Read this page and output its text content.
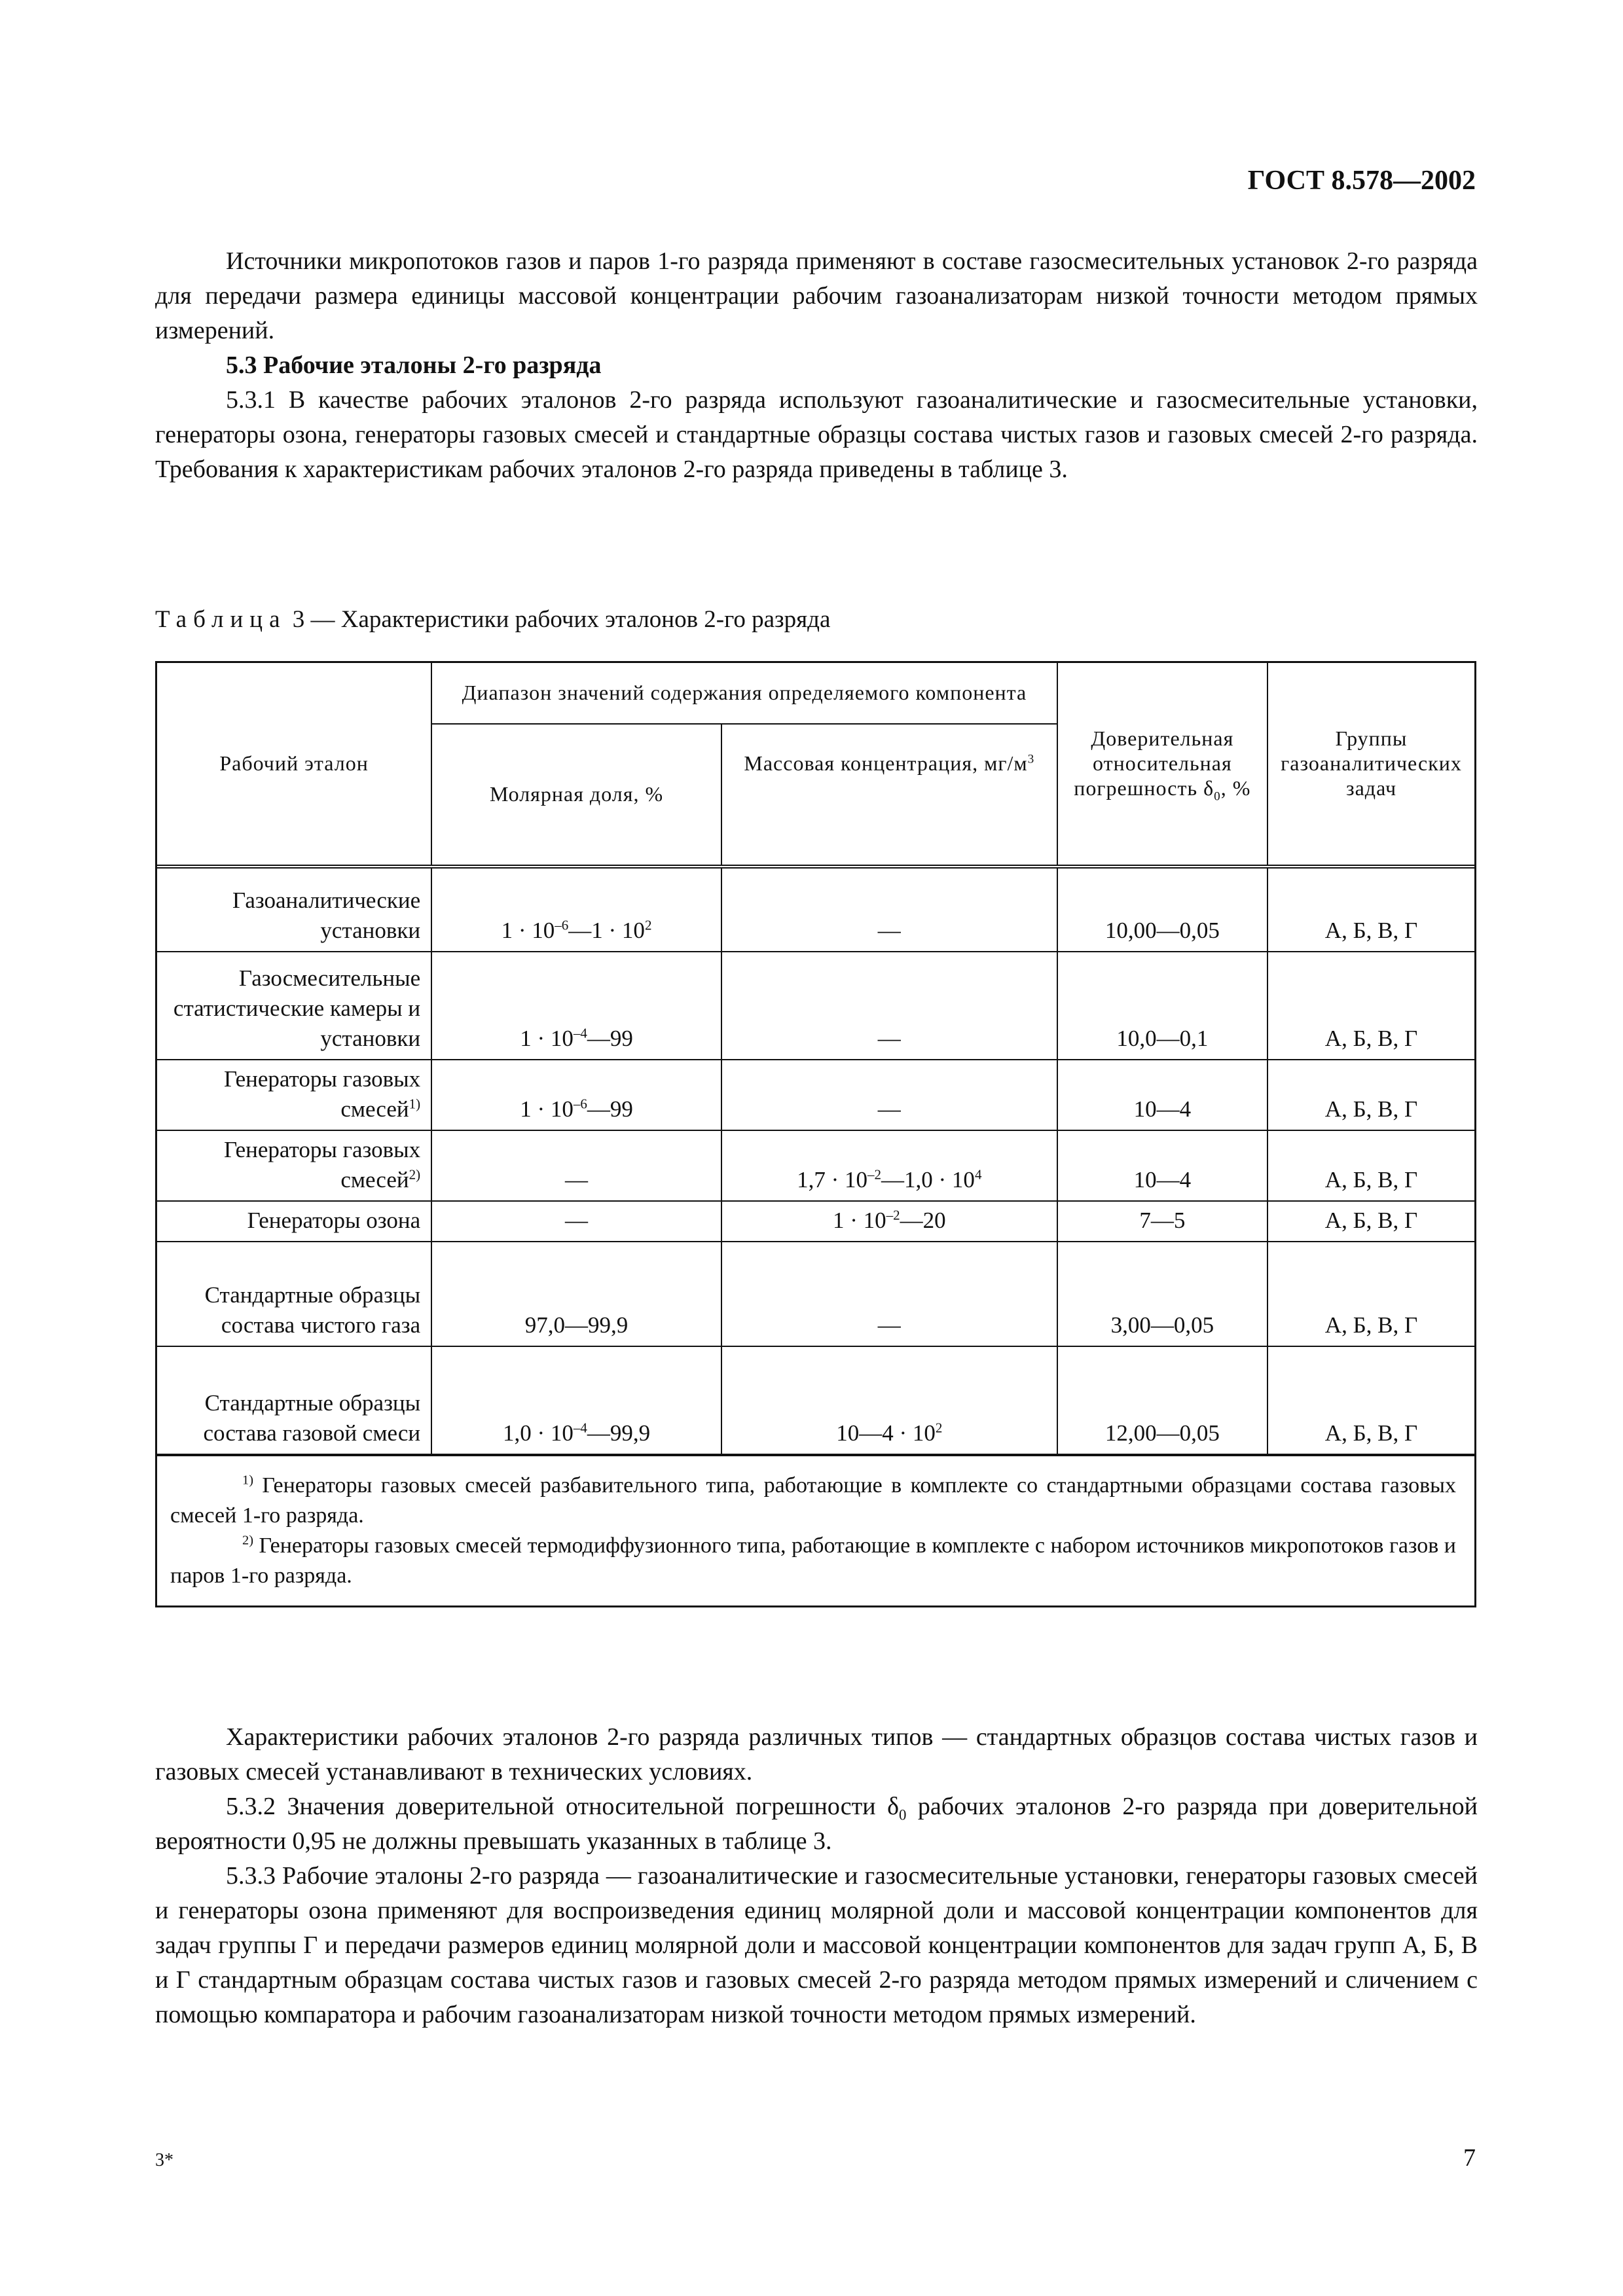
ГОСТ 8.578—2002

Источники микропотоков газов и паров 1-го разряда применяют в составе газосмесительных установок 2-го разряда для передачи размера единицы массовой концентрации рабочим газоанализаторам низкой точности методом прямых измерений.

5.3 Рабочие эталоны 2-го разряда

5.3.1 В качестве рабочих эталонов 2-го разряда используют газоаналитические и газосмесительные установки, генераторы озона, генераторы газовых смесей и стандартные образцы состава чистых газов и газовых смесей 2-го разряда. Требования к характеристикам рабочих эталонов 2-го разряда приведены в таблице 3.

Таблица 3 — Характеристики рабочих эталонов 2-го разряда
Рабочий эталон	Диапазон значений содержания определяемого компонента		Доверительная относительная погрешность $\delta_0$, %	Группы газоаналитических задач
	Молярная доля, %	Массовая концентрация, $мг/м^3$
Газоаналитические установки	$1 \cdot 10^{-6}—1 \cdot 10^2$	—	10,00—0,05	А, Б, В, Г
Газосмесительные статистические камеры и установки	$1 \cdot 10^{-4}—99$	—	10,0—0,1	А, Б, В, Г
Генераторы газовых смесей$^{1)}$	$1 \cdot 10^{-6}—99$	—	10—4	А, Б, В, Г
Генераторы газовых смесей$^{2)}$	—	$1,7 \cdot 10^{-2}—1,0 \cdot 10^4$	10—4	А, Б, В, Г
Генераторы озона	—	$1 \cdot 10^{-2}—20$	7—5	А, Б, В, Г
Стандартные образцы состава чистого газа	97,0—99,9	—	3,00—0,05	А, Б, В, Г
Стандартные образцы состава газовой смеси	$1,0 \cdot 10^{-4}—99,9$	10—4 · $10^2$	12,00—0,05	А, Б, В, Г

$^{1)}$ Генераторы газовых смесей разбавительного типа, работающие в комплекте со стандартными образцами состава газовых смесей 1-го разряда.

$^{2)}$ Генераторы газовых смесей термодиффузионного типа, работающие в комплекте с набором источников микропотоков газов и паров 1-го разряда.

Характеристики рабочих эталонов 2-го разряда различных типов — стандартных образцов состава чистых газов и газовых смесей устанавливают в технических условиях.

5.3.2 Значения доверительной относительной погрешности $\delta_0$ рабочих эталонов 2-го разряда при доверительной вероятности 0,95 не должны превышать указанных в таблице 3.

5.3.3 Рабочие эталоны 2-го разряда — газоаналитические и газосмесительные установки, генераторы газовых смесей и генераторы озона применяют для воспроизведения единиц молярной доли и массовой концентрации компонентов для задач группы Г и передачи размеров единиц молярной доли и массовой концентрации компонентов для задач групп А, Б, В и Г стандартным образцам состава чистых газов и газовых смесей 2-го разряда методом прямых измерений и сличением с помощью компаратора и рабочим газоанализаторам низкой точности методом прямых измерений.

3*	7
